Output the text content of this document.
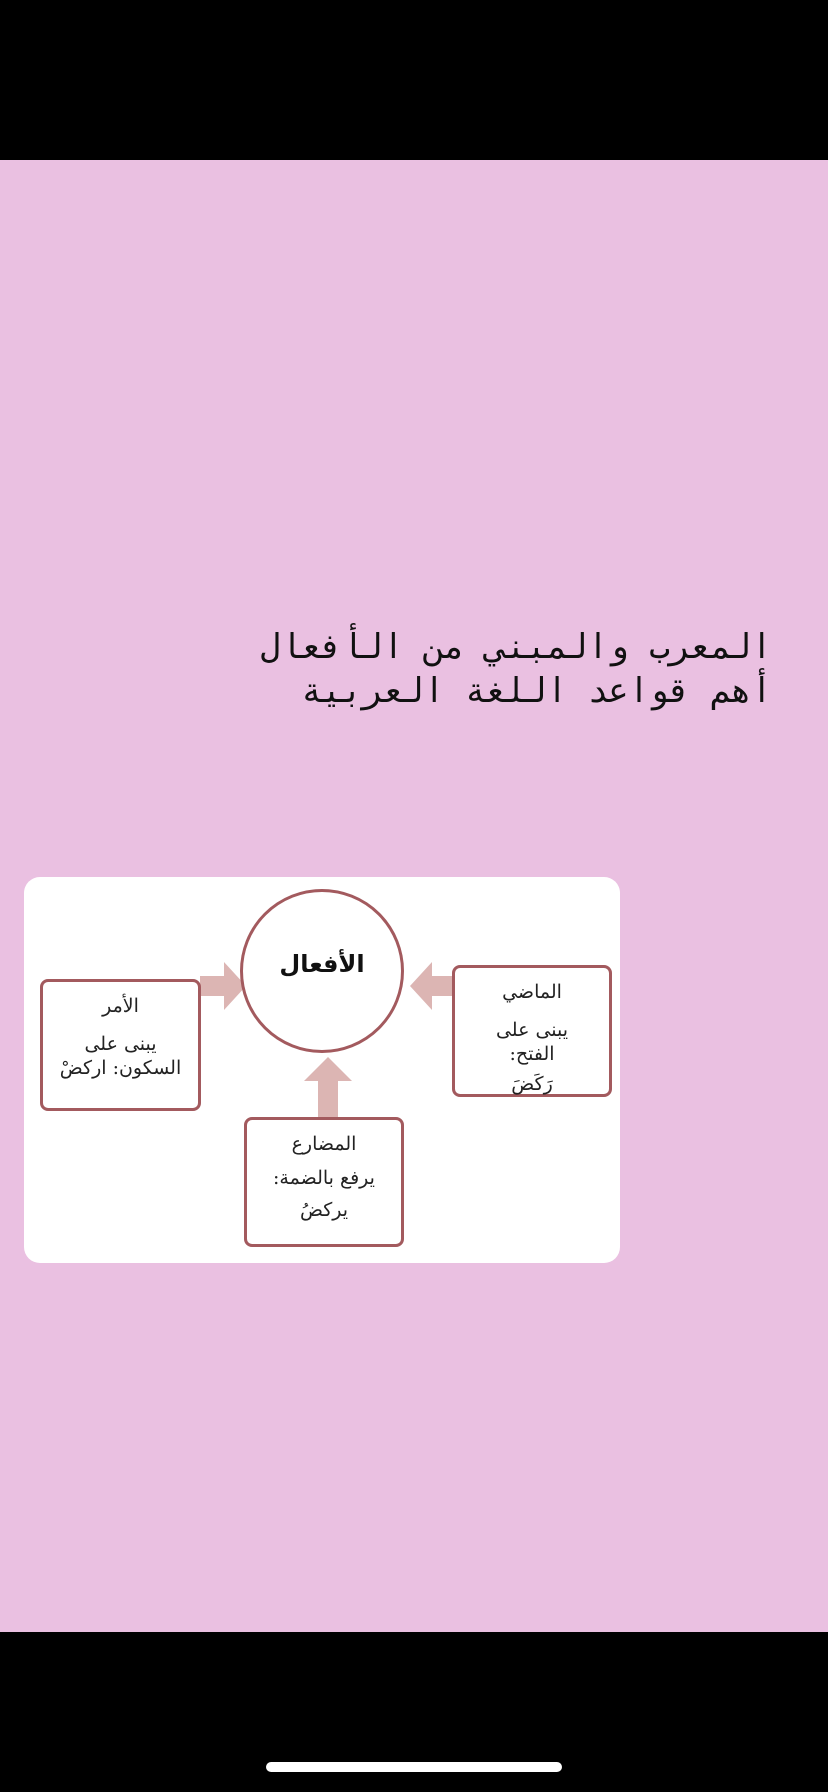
المعرب والمبني من الأفعال
أهم قواعد اللغة العربية
الأفعال
الماضي
يبنى على
الفتح:
رَكَضَ
الأمر
يبنى على
السكون: اركضْ
المضارع
يرفع بالضمة:
يركضُ
